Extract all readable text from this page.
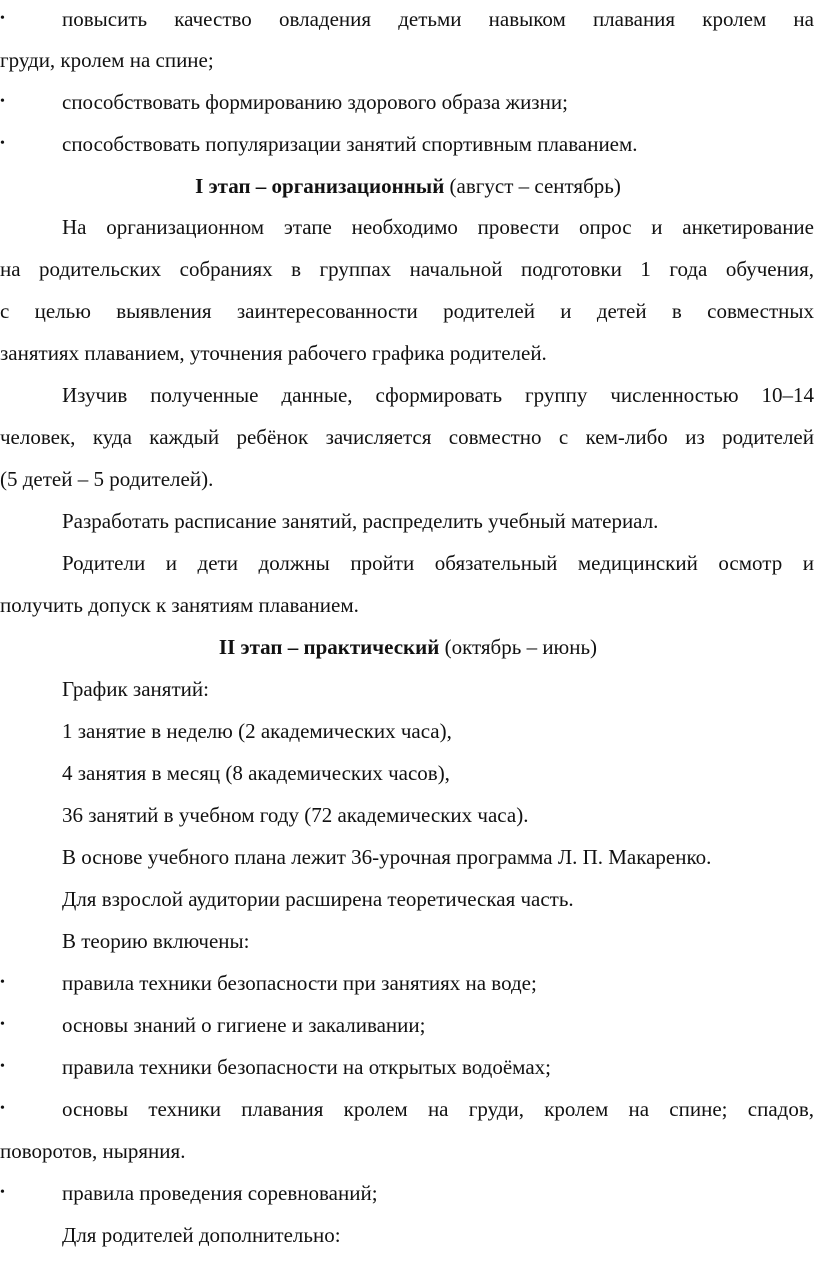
•	повысить качество овладения детьми навыком плавания кролем на
груди, кролем на спине;
•	способствовать формированию здорового образа жизни;
•	способствовать популяризации занятий спортивным плаванием.
I этап – организационный (август – сентябрь)
На организационном этапе необходимо провести опрос и анкетирование
на родительских собраниях в группах начальной подготовки 1 года обучения,
с целью выявления заинтересованности родителей и детей в совместных
занятиях плаванием, уточнения рабочего графика родителей.
Изучив полученные данные, сформировать группу численностью 10–14
человек, куда каждый ребёнок зачисляется совместно с кем-либо из родителей
(5 детей – 5 родителей).
Разработать расписание занятий, распределить учебный материал.
Родители и дети должны пройти обязательный медицинский осмотр и
получить допуск к занятиям плаванием.
II этап – практический (октябрь – июнь)
График занятий:
1 занятие в неделю (2 академических часа),
4 занятия в месяц (8 академических часов),
36 занятий в учебном году (72 академических часа).
В основе учебного плана лежит 36-урочная программа Л. П. Макаренко.
Для взрослой аудитории расширена теоретическая часть.
В теорию включены:
•	правила техники безопасности при занятиях на воде;
•	основы знаний о гигиене и закаливании;
•	правила техники безопасности на открытых водоёмах;
•	основы техники плавания кролем на груди, кролем на спине; спадов,
поворотов, ныряния.
•	правила проведения соревнований;
Для родителей дополнительно:
